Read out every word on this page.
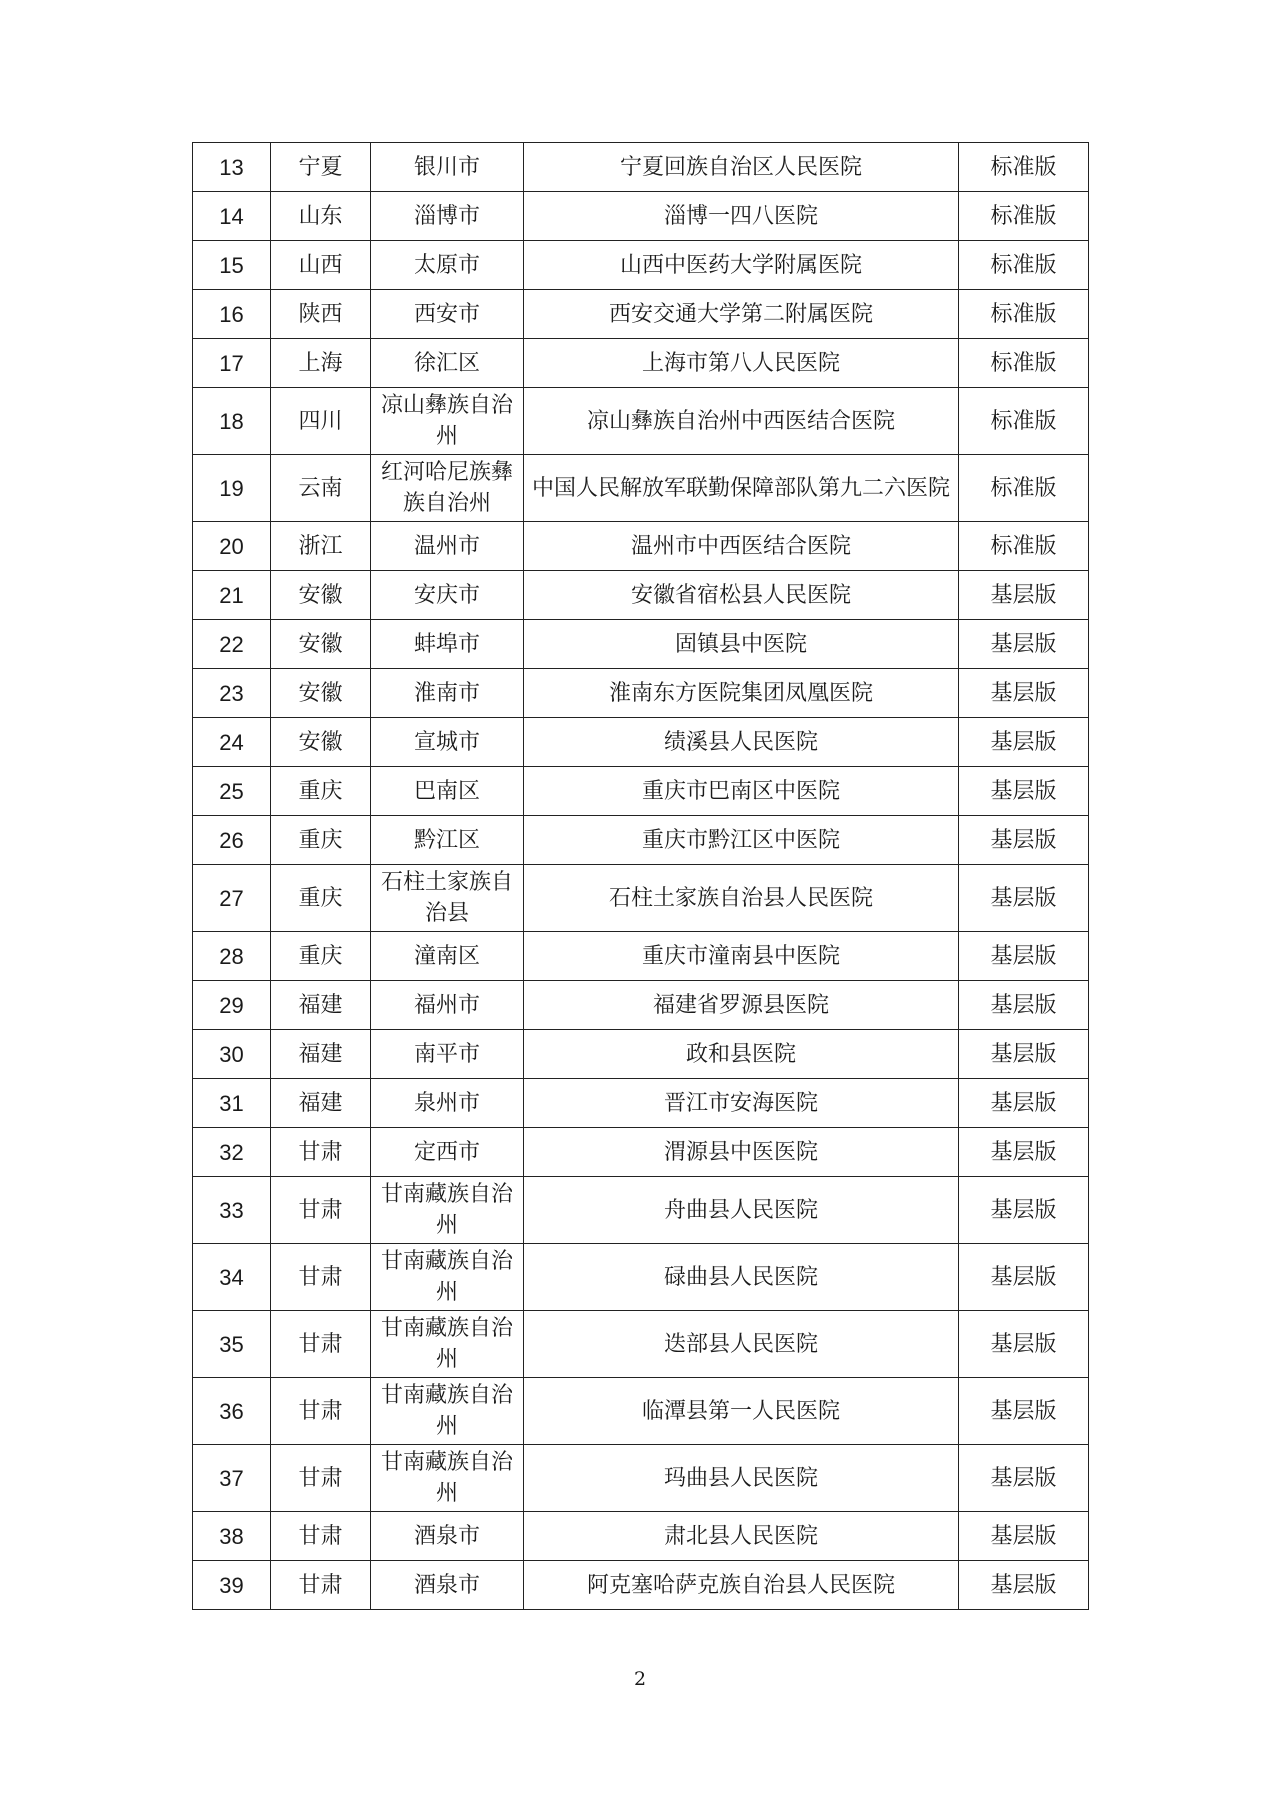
13	宁夏	银川市	宁夏回族自治区人民医院	标准版
14	山东	淄博市	淄博一四八医院	标准版
15	山西	太原市	山西中医药大学附属医院	标准版
16	陕西	西安市	西安交通大学第二附属医院	标准版
17	上海	徐汇区	上海市第八人民医院	标准版
18	四川	凉山彝族自治州	凉山彝族自治州中西医结合医院	标准版
19	云南	红河哈尼族彝族自治州	中国人民解放军联勤保障部队第九二六医院	标准版
20	浙江	温州市	温州市中西医结合医院	标准版
21	安徽	安庆市	安徽省宿松县人民医院	基层版
22	安徽	蚌埠市	固镇县中医院	基层版
23	安徽	淮南市	淮南东方医院集团凤凰医院	基层版
24	安徽	宣城市	绩溪县人民医院	基层版
25	重庆	巴南区	重庆市巴南区中医院	基层版
26	重庆	黔江区	重庆市黔江区中医院	基层版
27	重庆	石柱土家族自治县	石柱土家族自治县人民医院	基层版
28	重庆	潼南区	重庆市潼南县中医院	基层版
29	福建	福州市	福建省罗源县医院	基层版
30	福建	南平市	政和县医院	基层版
31	福建	泉州市	晋江市安海医院	基层版
32	甘肃	定西市	渭源县中医医院	基层版
33	甘肃	甘南藏族自治州	舟曲县人民医院	基层版
34	甘肃	甘南藏族自治州	碌曲县人民医院	基层版
35	甘肃	甘南藏族自治州	迭部县人民医院	基层版
36	甘肃	甘南藏族自治州	临潭县第一人民医院	基层版
37	甘肃	甘南藏族自治州	玛曲县人民医院	基层版
38	甘肃	酒泉市	肃北县人民医院	基层版
39	甘肃	酒泉市	阿克塞哈萨克族自治县人民医院	基层版
2
